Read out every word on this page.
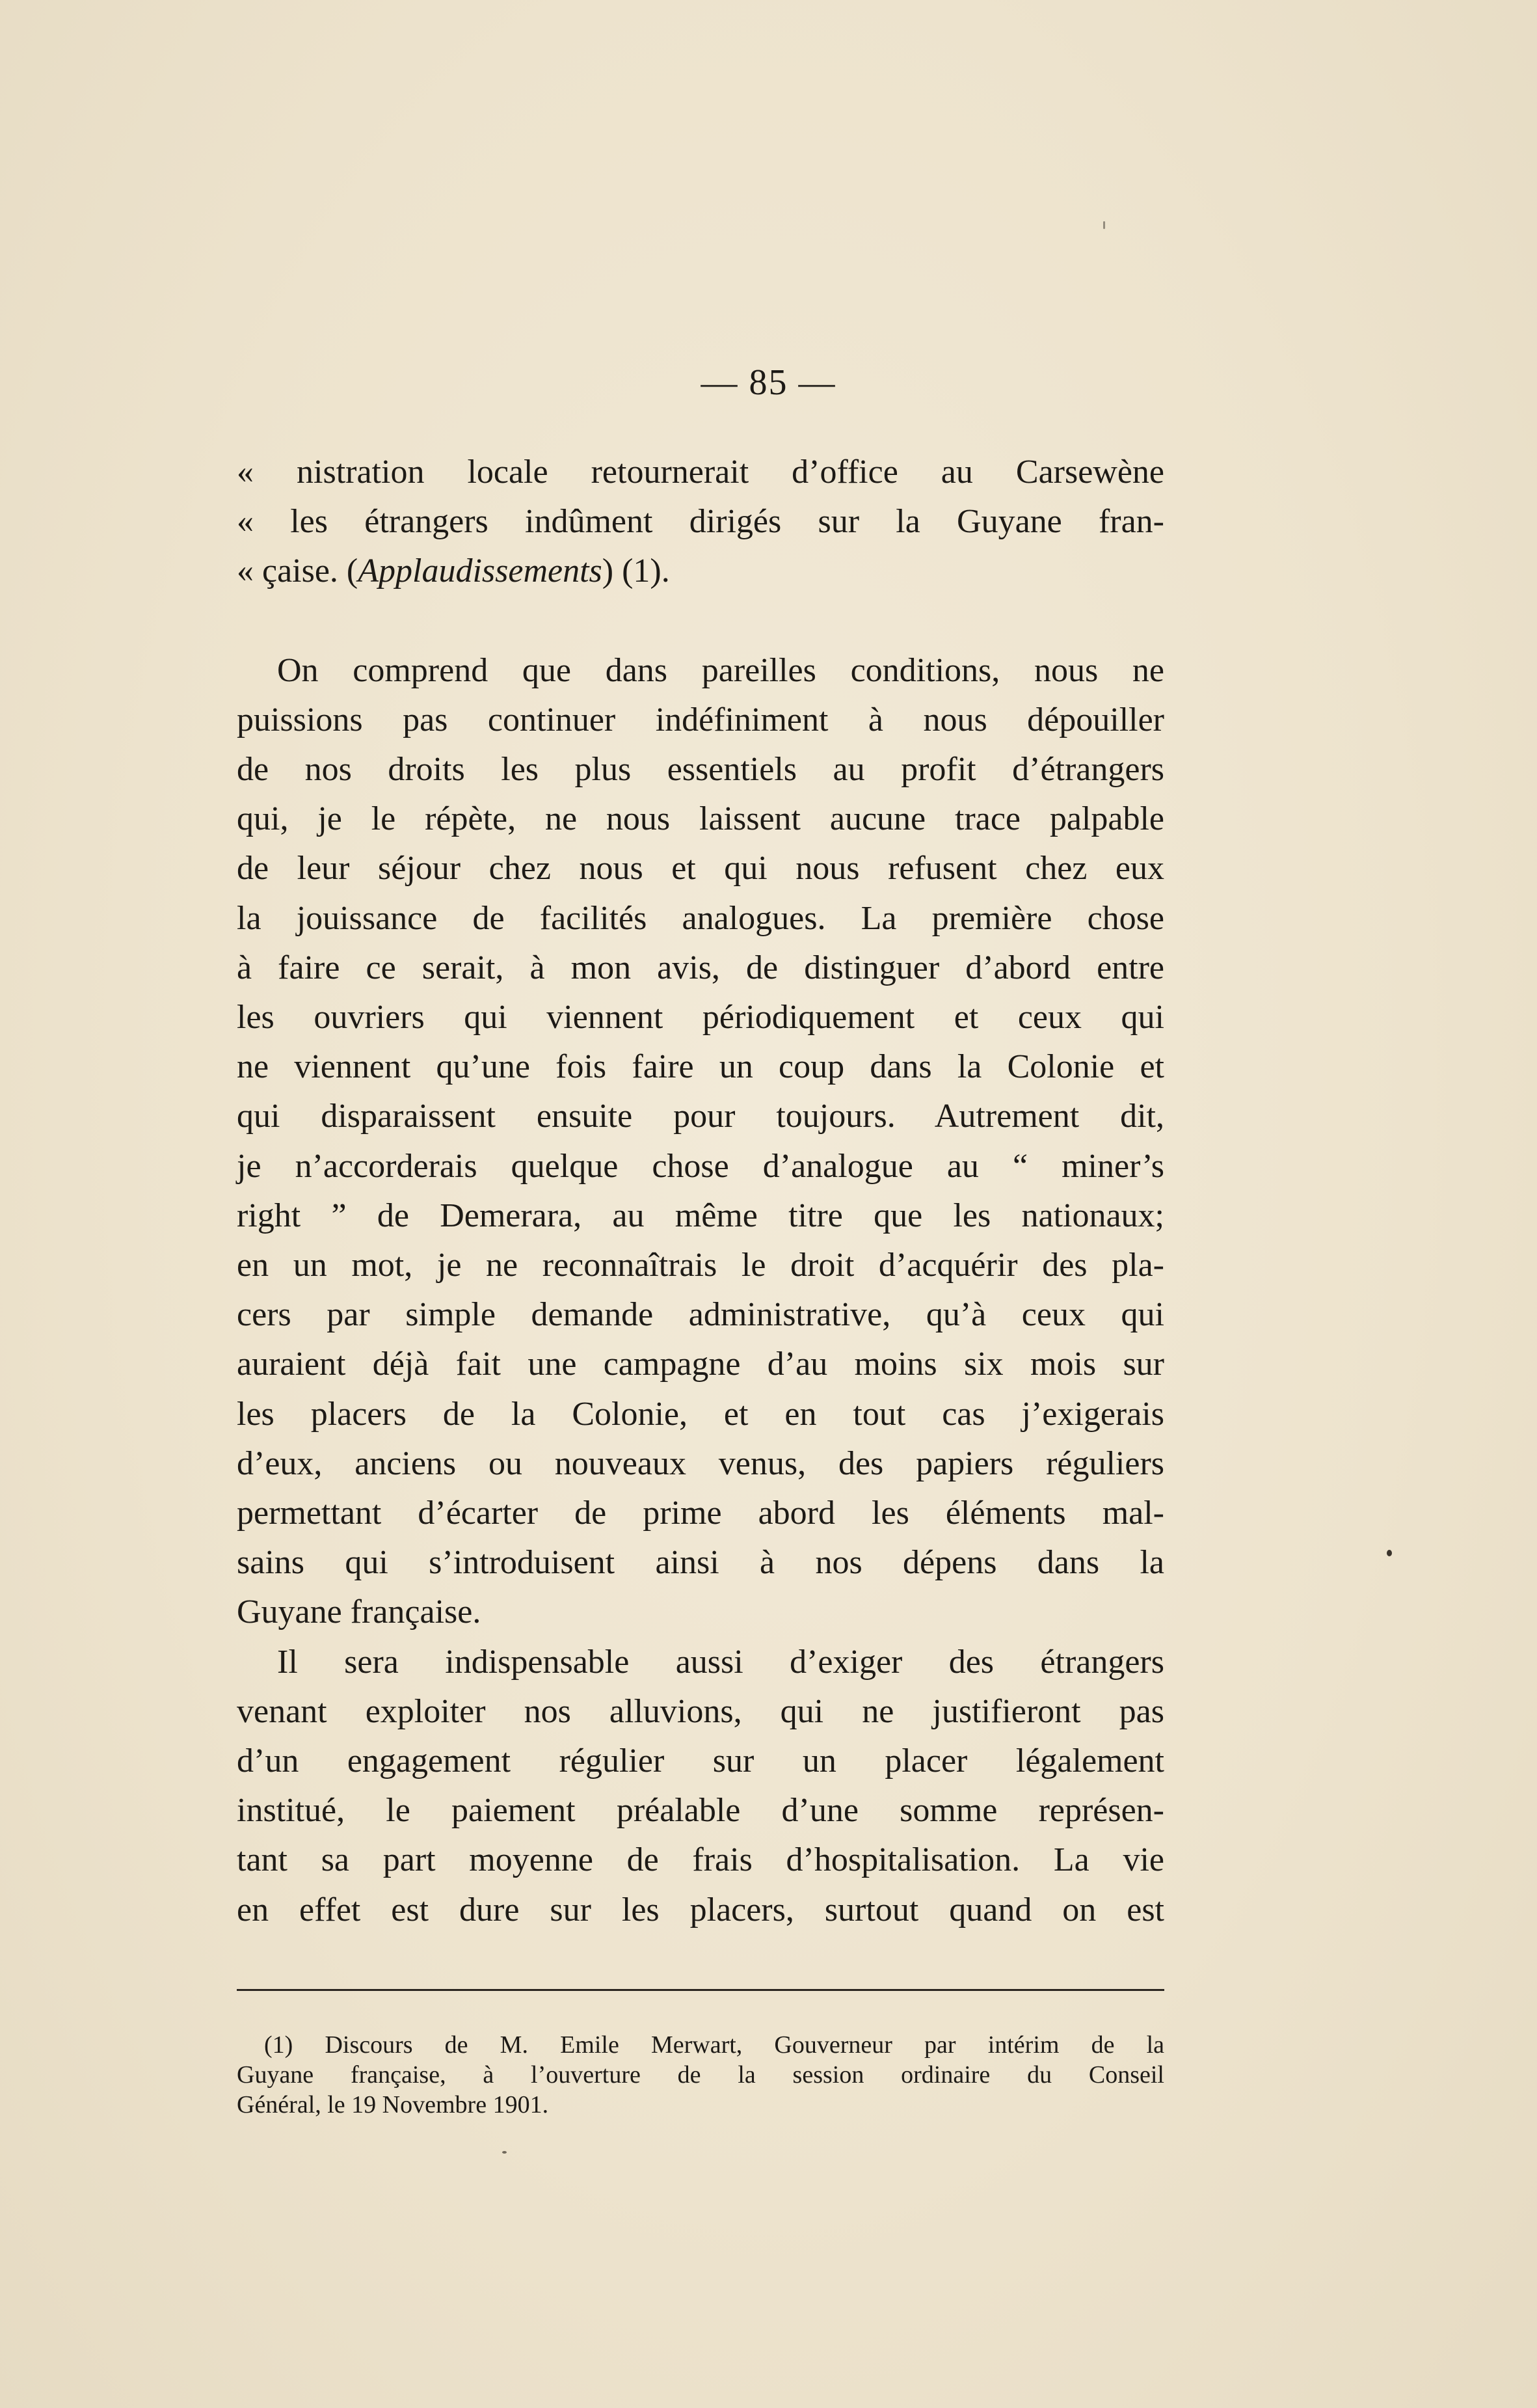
— 85 —
« nistration locale retournerait d’office au Carsewène
« les étrangers indûment dirigés sur la Guyane fran-
« çaise. (Applaudissements) (1).
On comprend que dans pareilles conditions, nous ne
puissions pas continuer indéfiniment à nous dépouiller
de nos droits les plus essentiels au profit d’étrangers
qui, je le répète, ne nous laissent aucune trace palpable
de leur séjour chez nous et qui nous refusent chez eux
la jouissance de facilités analogues. La première chose
à faire ce serait, à mon avis, de distinguer d’abord entre
les ouvriers qui viennent périodiquement et ceux qui
ne viennent qu’une fois faire un coup dans la Colonie et
qui disparaissent ensuite pour toujours. Autrement dit,
je n’accorderais quelque chose d’analogue au “ miner’s
right ” de Demerara, au même titre que les nationaux;
en un mot, je ne reconnaîtrais le droit d’acquérir des pla-
cers par simple demande administrative, qu’à ceux qui
auraient déjà fait une campagne d’au moins six mois sur
les placers de la Colonie, et en tout cas j’exigerais
d’eux, anciens ou nouveaux venus, des papiers réguliers
permettant d’écarter de prime abord les éléments mal-
sains qui s’introduisent ainsi à nos dépens dans la
Guyane française.
Il sera indispensable aussi d’exiger des étrangers
venant exploiter nos alluvions, qui ne justifieront pas
d’un engagement régulier sur un placer légalement
institué, le paiement préalable d’une somme représen-
tant sa part moyenne de frais d’hospitalisation. La vie
en effet est dure sur les placers, surtout quand on est
(1) Discours de M. Emile Merwart, Gouverneur par intérim de la
Guyane française, à l’ouverture de la session ordinaire du Conseil
Général, le 19 Novembre 1901.
